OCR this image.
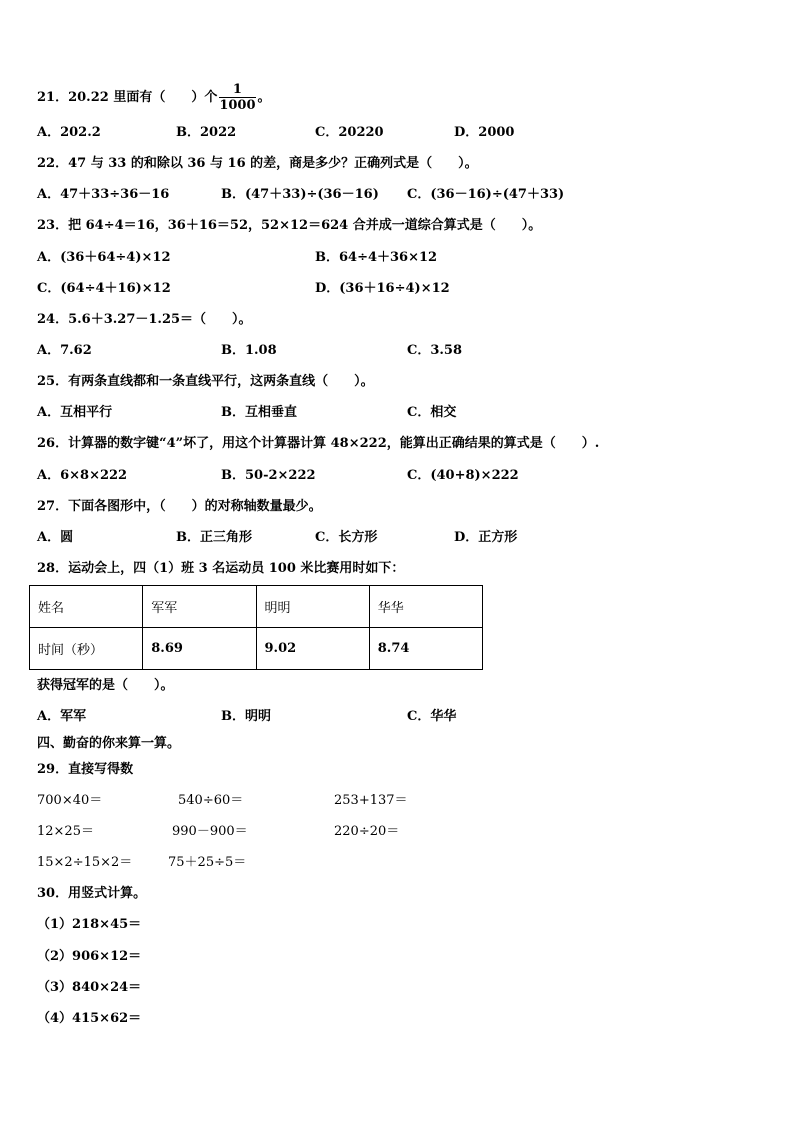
21．20.22 里面有（　　）个 $\frac{1}{1000}$ 。
A．202.2	B．2022	C．20220	D．2000
22．47 与 33 的和除以 36 与 16 的差，商是多少？正确列式是（　　）。
A．47＋33÷36－16	B．(47＋33)÷(36－16) C．(36－16)÷(47＋33)
23．把 64÷4＝16，36＋16＝52，52×12＝624 合并成一道综合算式是（　　）。
A．(36＋64÷4)×12	B．64÷4＋36×12
C．(64÷4＋16)×12	D．(36＋16÷4)×12
24．5.6＋3.27－1.25＝（　　）。
A．7.62	B．1.08	C．3.58
25．有两条直线都和一条直线平行，这两条直线（　　）。
A．互相平行	B．互相垂直	C．相交
26．计算器的数字键“4”坏了，用这个计算器计算 48×222，能算出正确结果的算式是（　　）.
A．6×8×222	B．50-2×222	C．(40+8)×222
27．下面各图形中，（　　）的对称轴数量最少。
A．圆	B．正三角形	C．长方形	D．正方形
28．运动会上，四（1）班 3 名运动员 100 米比赛用时如下：
姓名	军军	明明	华华
时间（秒）	8.69	9.02	8.74
获得冠军的是（　　）。
A．军军	B．明明	C．华华
四、勤奋的你来算一算。
29．直接写得数
700×40＝	540÷60＝	253+137＝
12×25＝	990－900＝	220÷20＝
15×2÷15×2＝	75＋25÷5＝
30．用竖式计算。
（1）218×45＝
（2）906×12＝
（3）840×24＝
（4）415×62＝
